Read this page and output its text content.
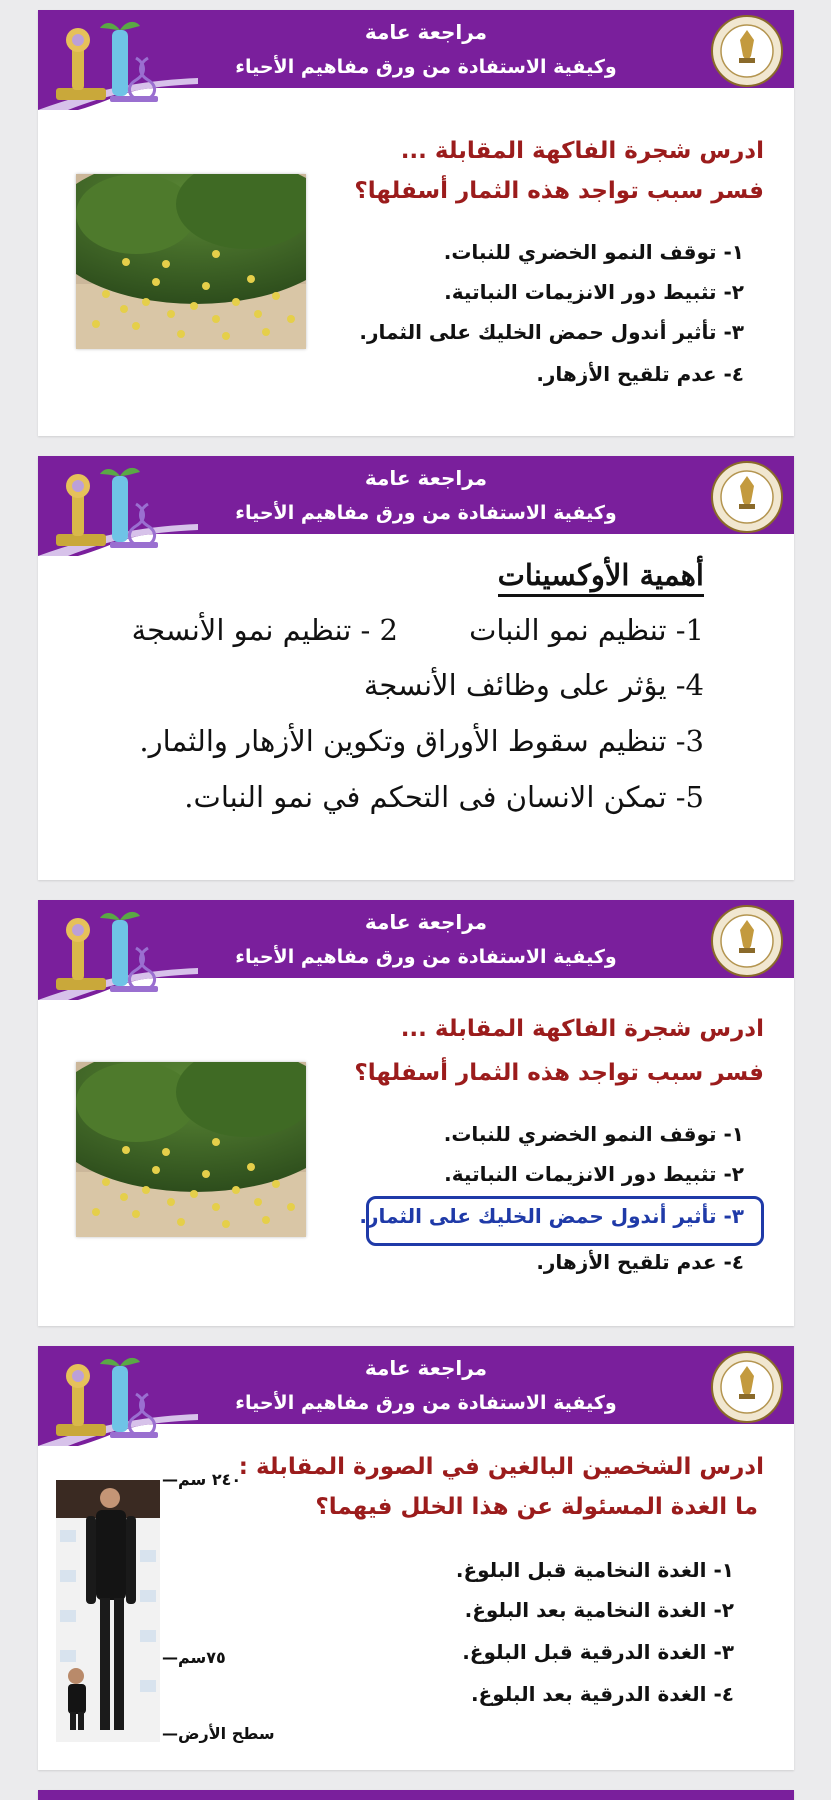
مراجعة عامة
وكيفية الاستفادة من ورق مفاهيم الأحياء
ادرس شجرة الفاكهة المقابلة ...
فسر سبب تواجد هذه الثمار أسفلها؟
١- توقف النمو الخضري للنبات.
٢- تثبيط دور الانزيمات النباتية.
٣- تأثير أندول حمض الخليك على الثمار.
٤- عدم تلقيح الأزهار.
مراجعة عامة
وكيفية الاستفادة من ورق مفاهيم الأحياء
أهمية الأوكسينات
1- تنظيم نمو النبات
2 - تنظيم نمو الأنسجة
4- يؤثر على وظائف الأنسجة
3- تنظيم سقوط الأوراق وتكوين الأزهار والثمار.
5- تمكن الانسان فى التحكم في نمو النبات.
مراجعة عامة
وكيفية الاستفادة من ورق مفاهيم الأحياء
ادرس شجرة الفاكهة المقابلة ...
فسر سبب تواجد هذه الثمار أسفلها؟
١- توقف النمو الخضري للنبات.
٢- تثبيط دور الانزيمات النباتية.
٣- تأثير أندول حمض الخليك على الثمار.
٤- عدم تلقيح الأزهار.
مراجعة عامة
وكيفية الاستفادة من ورق مفاهيم الأحياء
ادرس الشخصين البالغين في الصورة المقابلة :
ما الغدة المسئولة عن هذا الخلل فيهما؟
٢٤٠ سم—
٧٥سم—
سطح الأرض—
١- الغدة النخامية قبل البلوغ.
٢- الغدة النخامية بعد البلوغ.
٣- الغدة الدرقية قبل البلوغ.
٤- الغدة الدرقية بعد البلوغ.
